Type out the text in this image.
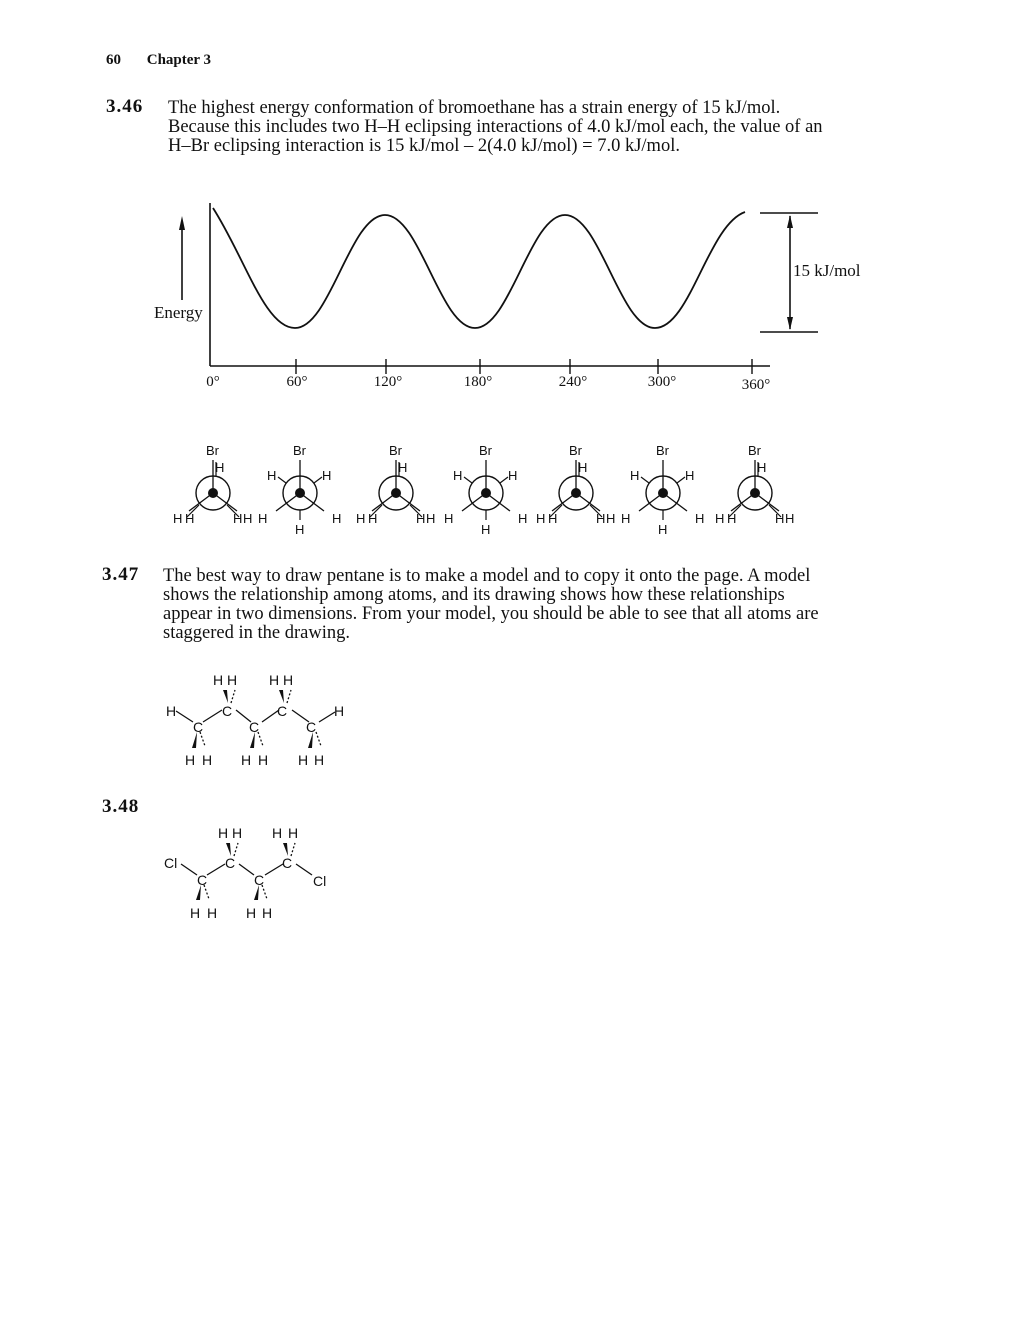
60 Chapter 3
3.46 The highest energy conformation of bromoethane has a strain energy of 15 kJ/mol.
Because this includes two H–H eclipsing interactions of 4.0 kJ/mol each, the value of an
H–Br eclipsing interaction is 15 kJ/mol – 2(4.0 kJ/mol) = 7.0 kJ/mol.
Energy
0°	60°	120°	180°	240°	300°	360°
15 kJ/mol
Br
H
H H	H H
Br
H	H
H
H	H
Br
H
H H	H H
Br
H	H
H
H	H
Br
H
H H	H H
Br
H	H
H
H	H
Br
H
H H	H H
3.47 The best way to draw pentane is to make a model and to copy it onto the page. A model
shows the relationship among atoms, and its drawing shows how these relationships
appear in two dimensions. From your model, you should be able to see that all atoms are
staggered in the drawing.
H H H H
H	C	C	H
C	C	C
H H H H H H
3.48
H H H H
Cl	C	C
C	C	Cl
H H H H
